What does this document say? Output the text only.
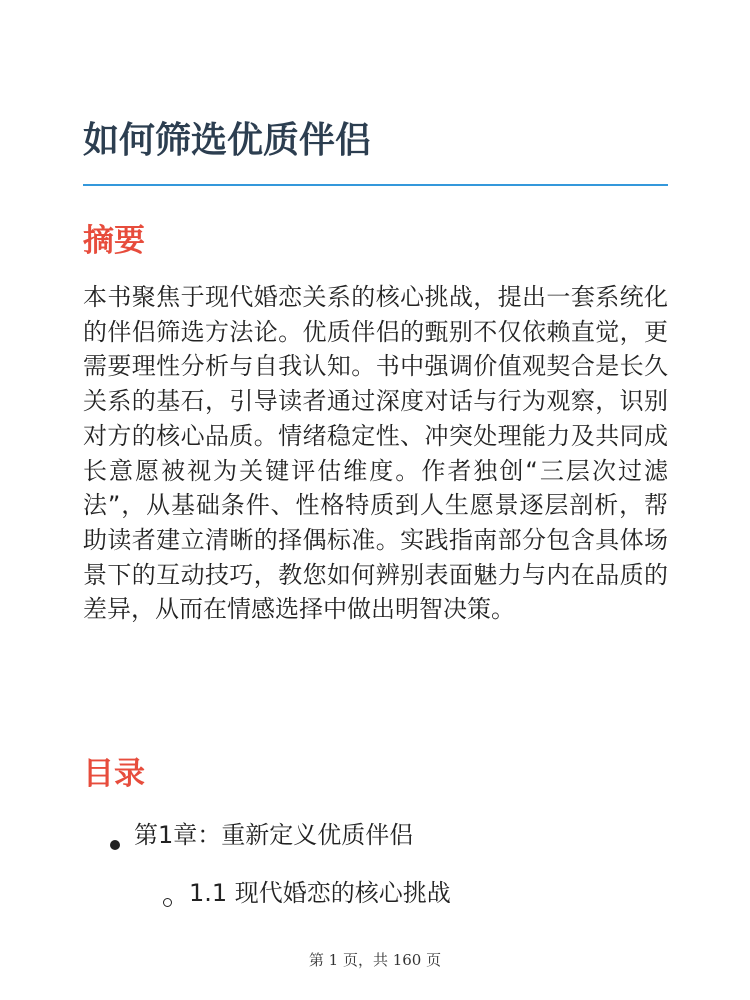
如何筛选优质伴侣
摘要

本书聚焦于现代婚恋关系的核心挑战，提出一套系统化的伴侣筛选方法论。优质伴侣的甄别不仅依赖直觉，更需要理性分析与自我认知。书中强调价值观契合是长久关系的基石，引导读者通过深度对话与行为观察，识别对方的核心品质。情绪稳定性、冲突处理能力及共同成长意愿被视为关键评估维度。作者独创“三层次过滤法”，从基础条件、性格特质到人生愿景逐层剖析，帮助读者建立清晰的择偶标准。实践指南部分包含具体场景下的互动技巧，教您如何辨别表面魅力与内在品质的差异，从而在情感选择中做出明智决策。

目录
第1章：重新定义优质伴侣
1.1 现代婚恋的核心挑战
第 1 页，共 160 页
